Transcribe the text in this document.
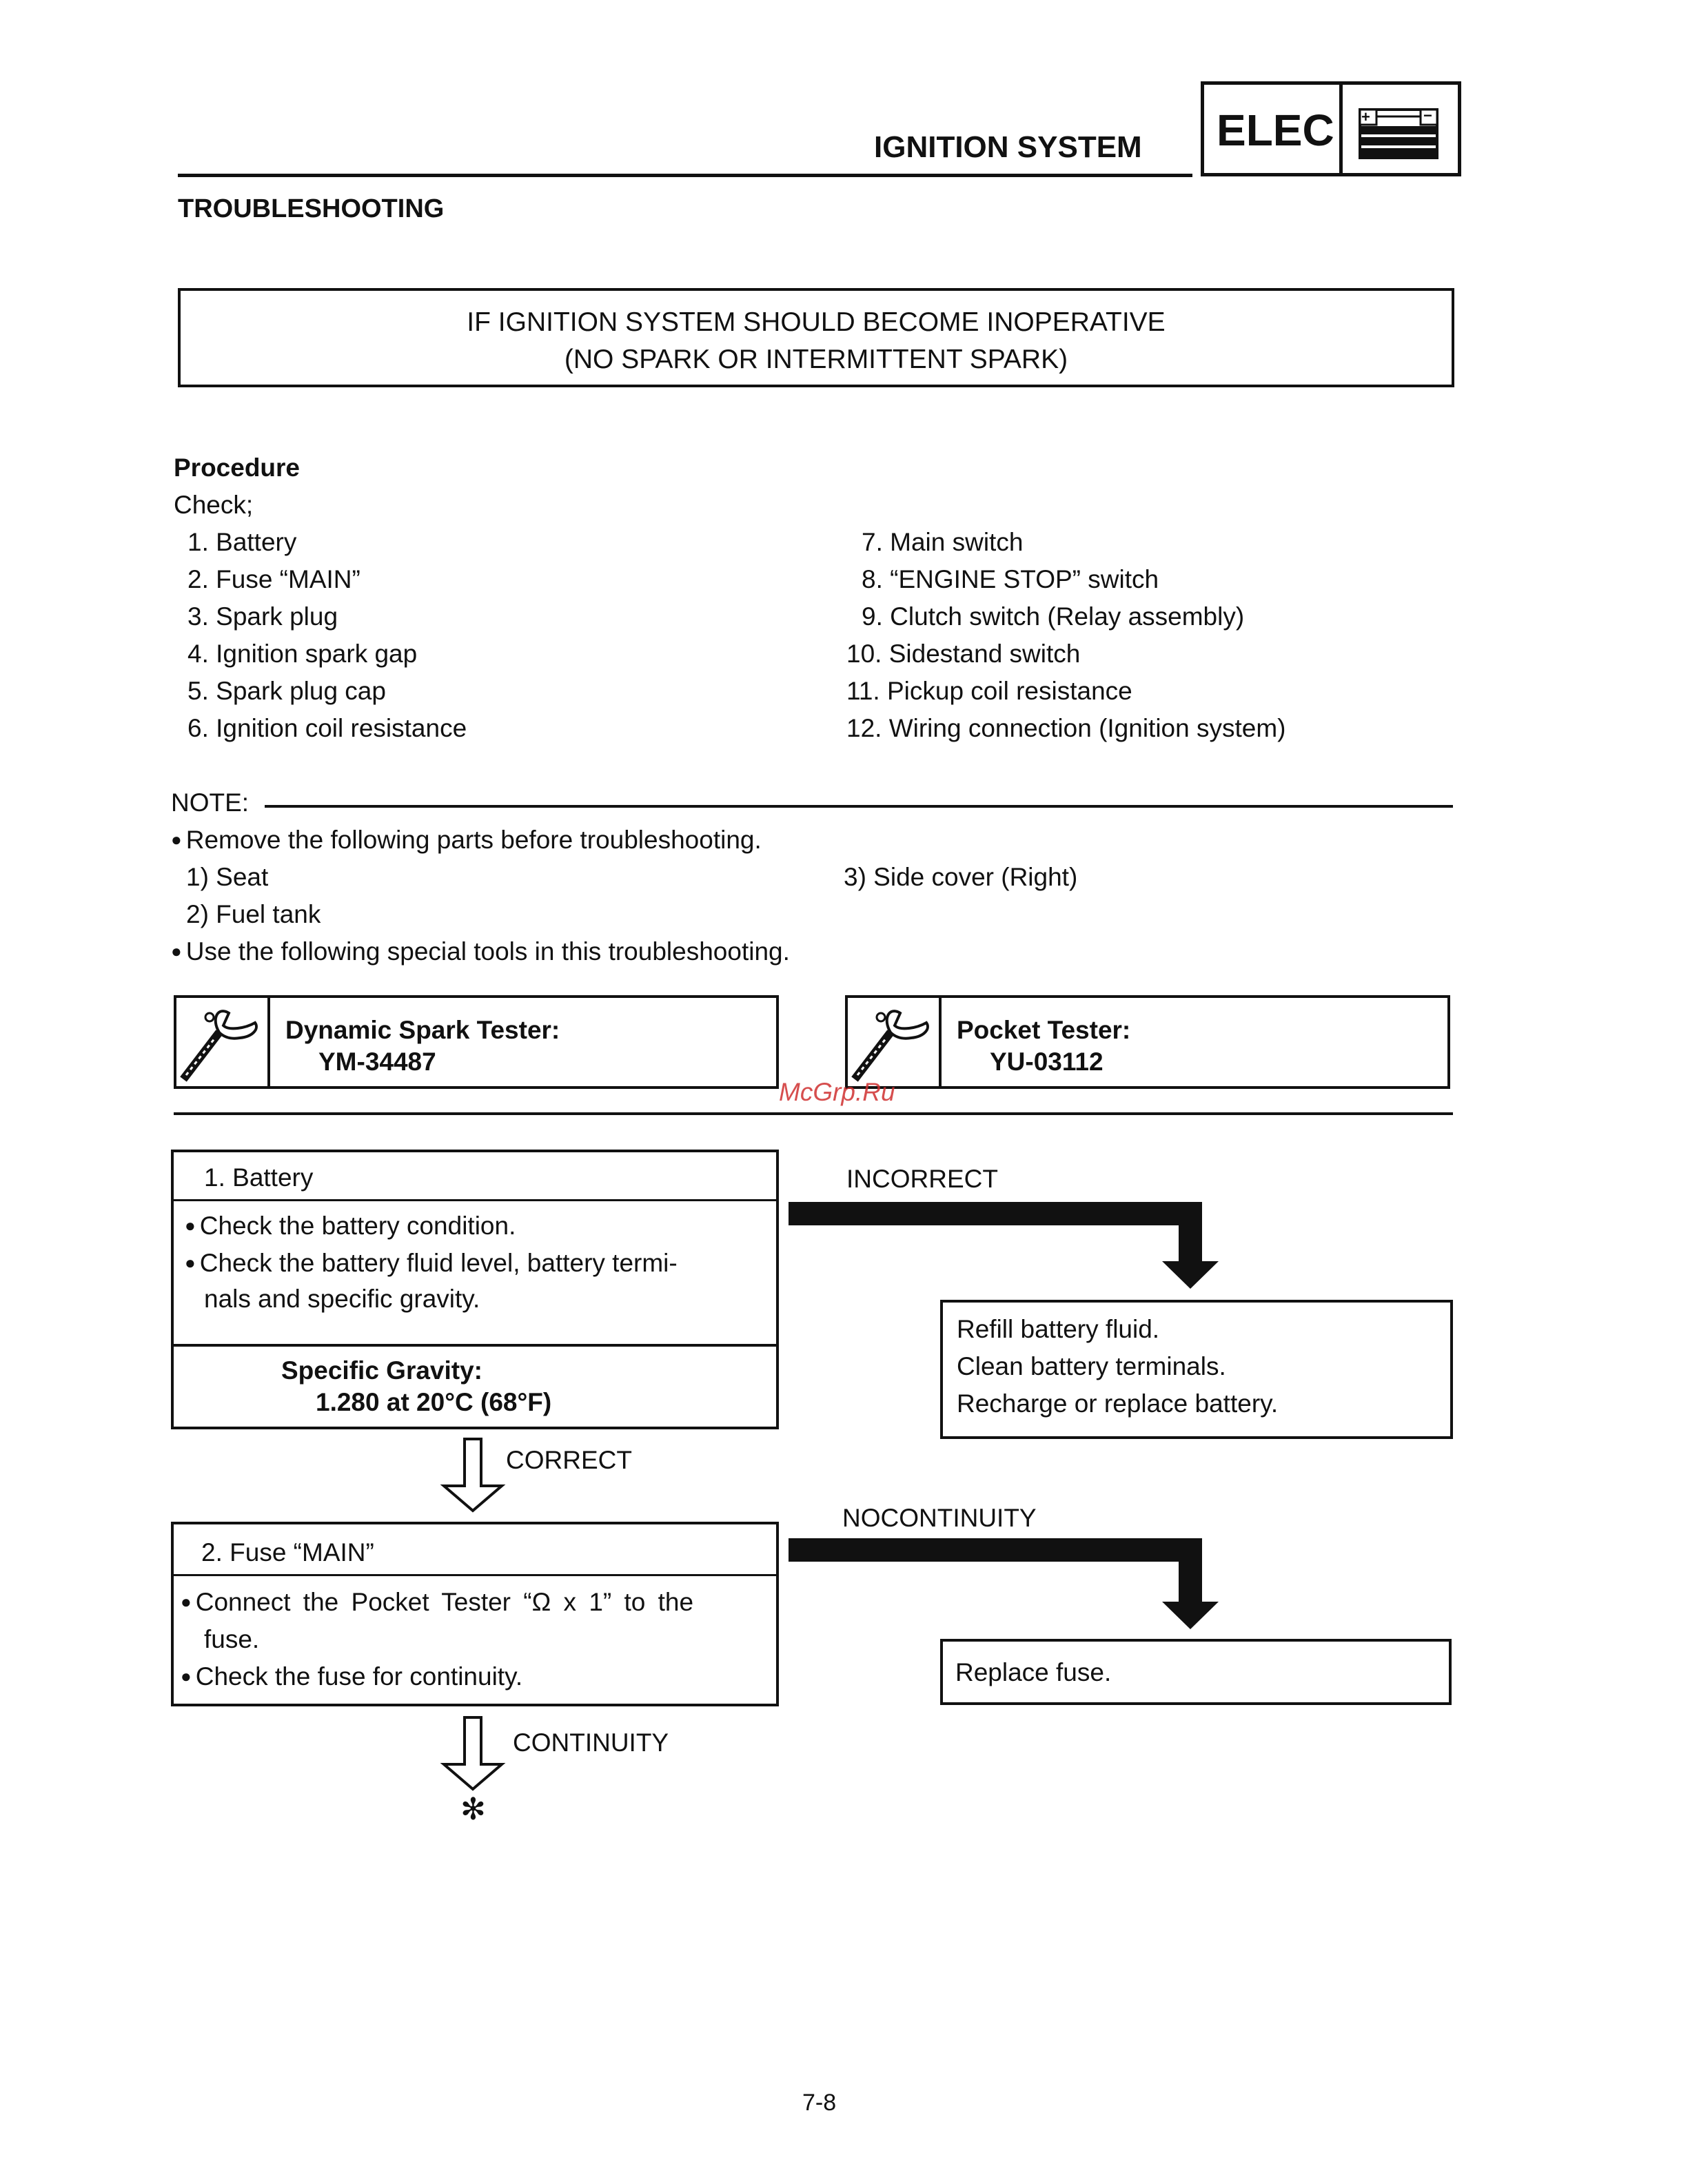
IGNITION SYSTEM ELEC +	−
TROUBLESHOOTING
IF IGNITION SYSTEM SHOULD BECOME INOPERATIVE
(NO SPARK OR INTERMITTENT SPARK)
Procedure
Check;
1. Battery
2. Fuse “MAIN”
3. Spark plug
4. Ignition spark gap
5. Spark plug cap
6. Ignition coil resistance
7. Main switch
8. “ENGINE STOP” switch
9. Clutch switch (Relay assembly)
10. Sidestand switch
11. Pickup coil resistance
12. Wiring connection (Ignition system)
NOTE:
● Remove the following parts before troubleshooting.
1) Seat
2) Fuel tank
3) Side cover (Right)
● Use the following special tools in this troubleshooting.
Dynamic Spark Tester:
YM-34487
Pocket Tester:
YU-03112
McGrp.Ru
1. Battery
● Check the battery condition.
● Check the battery fluid level, battery termi-
nals and specific gravity.
Specific Gravity:
1.280 at 20°C (68°F)
INCORRECT
Refill battery fluid.
Clean battery terminals.
Recharge or replace battery.
CORRECT
2. Fuse “MAIN”
● Connect the Pocket Tester “Ω x 1” to the
fuse.
● Check the fuse for continuity.
NOCONTINUITY
Replace fuse.
CONTINUITY
✻
7-8
